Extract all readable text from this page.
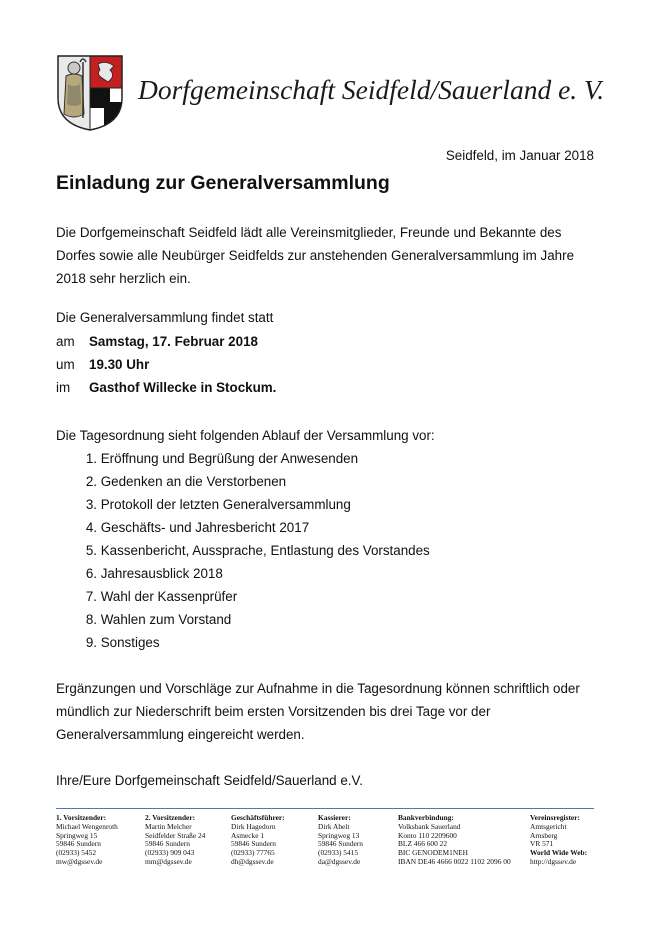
Dorfgemeinschaft Seidfeld/Sauerland e. V.
Seidfeld, im Januar 2018
Einladung zur Generalversammlung

Die Dorfgemeinschaft Seidfeld lädt alle Vereinsmitglieder, Freunde und Bekannte des Dorfes sowie alle Neubürger Seidfelds zur anstehenden Generalversammlung im Jahre 2018 sehr herzlich ein.

Die Generalversammlung findet statt

am Samstag, 17. Februar 2018
um 19.30 Uhr
im Gasthof Willecke in Stockum.

Die Tagesordnung sieht folgenden Ablauf der Versammlung vor:

1. Eröffnung und Begrüßung der Anwesenden
2. Gedenken an die Verstorbenen
3. Protokoll der letzten Generalversammlung
4. Geschäfts- und Jahresbericht 2017
5. Kassenbericht, Aussprache, Entlastung des Vorstandes
6. Jahresausblick 2018
7. Wahl der Kassenprüfer
8. Wahlen zum Vorstand
9. Sonstiges

Ergänzungen und Vorschläge zur Aufnahme in die Tagesordnung können schriftlich oder mündlich zur Niederschrift beim ersten Vorsitzenden bis drei Tage vor der Generalversammlung eingereicht werden.

Ihre/Eure Dorfgemeinschaft Seidfeld/Sauerland e.V.

1. Vorsitzender:
Michael Wengenroth
Springweg 15
59846 Sundern
(02933) 5452
mw@dgssev.de
2. Vorsitzender:
Martin Melcher
Seidfelder Straße 24
59846 Sundern
(02933) 909 043
mm@dgssev.de
Geschäftsführer:
Dirk Hagedorn
Asmecke 1
59846 Sundern
(02933) 77765
dh@dgssev.de
Kassierer:
Dirk Abelt
Springweg 13
59846 Sundern
(02933) 5415
da@dgssev.de
Bankverbindung:
Volksbank Sauerland
Konto 110 2209600
BLZ 466 600 22
BIC GENODEM1NEH
IBAN DE46 4666 0022 1102 2096 00
Vereinsregister:
Amtsgericht
Arnsberg
VR 571
World Wide Web:
http://dgssev.de
